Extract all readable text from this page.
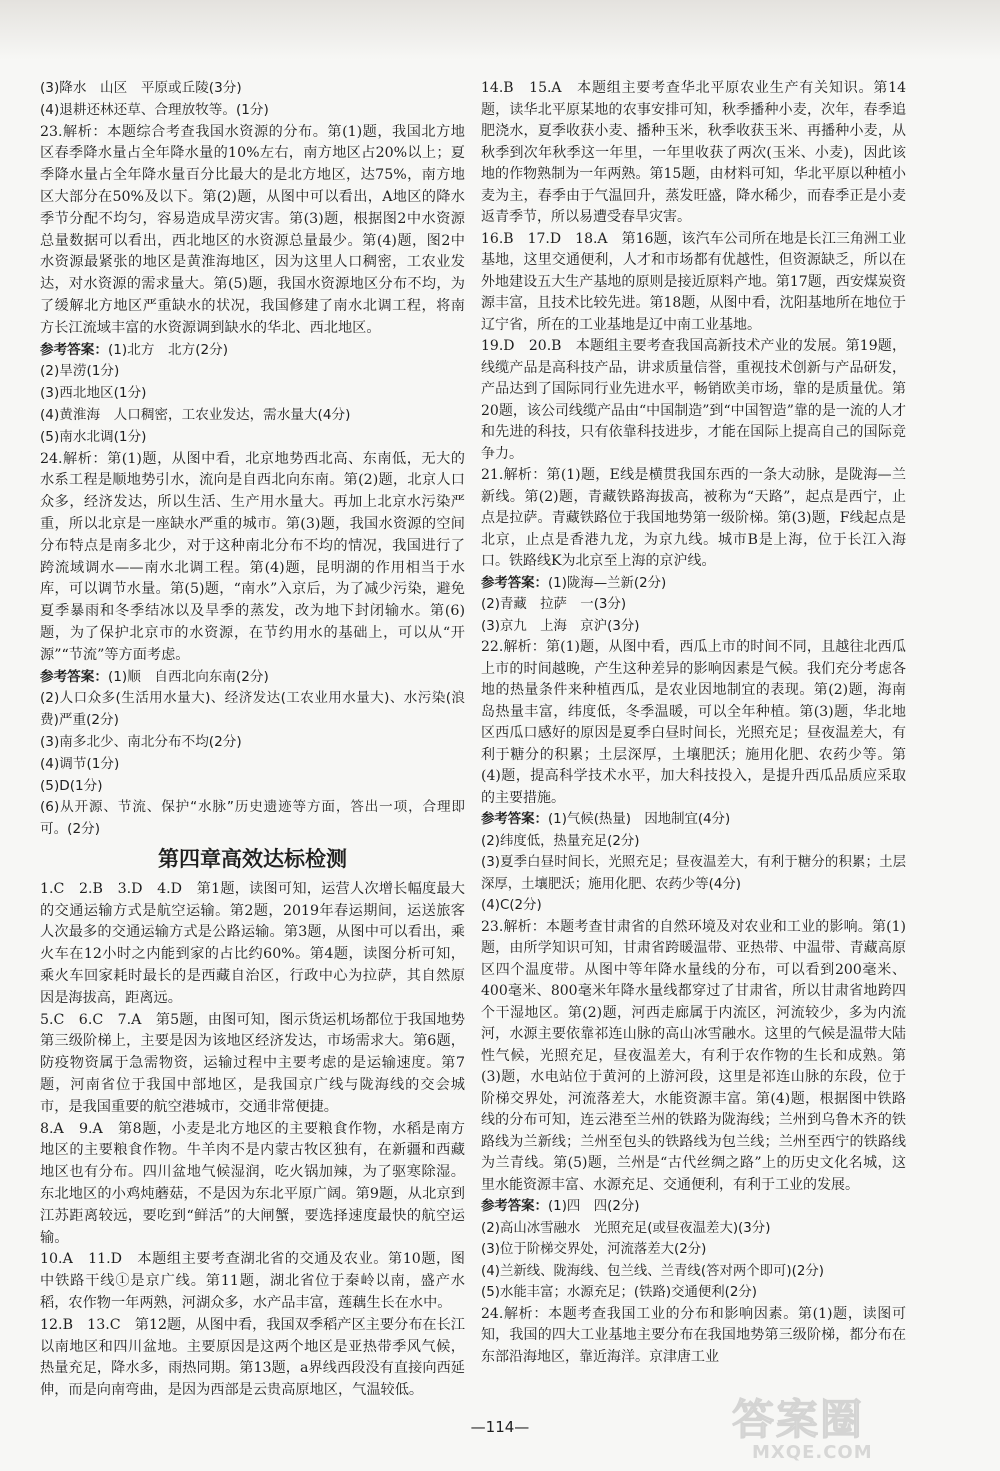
(3)降水　山区　平原或丘陵(3分)

(4)退耕还林还草、合理放牧等。(1分)

23.解析：本题综合考查我国水资源的分布。第(1)题，我国北方地区春季降水量占全年降水量的10%左右，南方地区占20%以上；夏季降水量占全年降水量百分比最大的是北方地区，达75%，南方地区大部分在50%及以下。第(2)题，从图中可以看出，A地区的降水季节分配不均匀，容易造成旱涝灾害。第(3)题，根据图2中水资源总量数据可以看出，西北地区的水资源总量最少。第(4)题，图2中水资源最紧张的地区是黄淮海地区，因为这里人口稠密，工农业发达，对水资源的需求量大。第(5)题，我国水资源地区分布不均，为了缓解北方地区严重缺水的状况，我国修建了南水北调工程，将南方长江流域丰富的水资源调到缺水的华北、西北地区。

参考答案：(1)北方　北方(2分)

(2)旱涝(1分)

(3)西北地区(1分)

(4)黄淮海　人口稠密，工农业发达，需水量大(4分)

(5)南水北调(1分)

24.解析：第(1)题，从图中看，北京地势西北高、东南低，无大的水系工程是顺地势引水，流向是自西北向东南。第(2)题，北京人口众多，经济发达，所以生活、生产用水量大。再加上北京水污染严重，所以北京是一座缺水严重的城市。第(3)题，我国水资源的空间分布特点是南多北少，对于这种南北分布不均的情况，我国进行了跨流域调水——南水北调工程。第(4)题，昆明湖的作用相当于水库，可以调节水量。第(5)题，“南水”入京后，为了减少污染，避免夏季暴雨和冬季结冰以及旱季的蒸发，改为地下封闭输水。第(6)题，为了保护北京市的水资源，在节约用水的基础上，可以从“开源”“节流”等方面考虑。

参考答案：(1)顺　自西北向东南(2分)

(2)人口众多(生活用水量大)、经济发达(工农业用水量大)、水污染(浪费)严重(2分)

(3)南多北少、南北分布不均(2分)

(4)调节(1分)

(5)D(1分)

(6)从开源、节流、保护“水脉”历史遗迹等方面，答出一项，合理即可。(2分)

第四章高效达标检测

1.C　2.B　3.D　4.D　第1题，读图可知，运营人次增长幅度最大的交通运输方式是航空运输。第2题，2019年春运期间，运送旅客人次最多的交通运输方式是公路运输。第3题，从图中可以看出，乘火车在12小时之内能到家的占比约60%。第4题，读图分析可知，乘火车回家耗时最长的是西藏自治区，行政中心为拉萨，其自然原因是海拔高，距离远。

5.C　6.C　7.A　第5题，由图可知，图示货运机场都位于我国地势第三级阶梯上，主要是因为该地区经济发达，市场需求大。第6题，防疫物资属于急需物资，运输过程中主要考虑的是运输速度。第7题，河南省位于我国中部地区，是我国京广线与陇海线的交会城市，是我国重要的航空港城市，交通非常便捷。

8.A　9.A　第8题，小麦是北方地区的主要粮食作物，水稻是南方地区的主要粮食作物。牛羊肉不是内蒙古牧区独有，在新疆和西藏地区也有分布。四川盆地气候湿润，吃火锅加辣，为了驱寒除湿。东北地区的小鸡炖蘑菇，不是因为东北平原广阔。第9题，从北京到江苏距离较远，要吃到“鲜活”的大闸蟹，要选择速度最快的航空运输。

10.A　11.D　本题组主要考查湖北省的交通及农业。第10题，图中铁路干线①是京广线。第11题，湖北省位于秦岭以南，盛产水稻，农作物一年两熟，河湖众多，水产品丰富，莲藕生长在水中。

12.B　13.C　第12题，从图中看，我国双季稻产区主要分布在长江以南地区和四川盆地。主要原因是这两个地区是亚热带季风气候，热量充足，降水多，雨热同期。第13题，a界线西段没有直接向西延伸，而是向南弯曲，是因为西部是云贵高原地区，气温较低。

14.B　15.A　本题组主要考查华北平原农业生产有关知识。第14题，读华北平原某地的农事安排可知，秋季播种小麦，次年，春季追肥浇水，夏季收获小麦、播种玉米，秋季收获玉米、再播种小麦，从秋季到次年秋季这一年里，一年里收获了两次(玉米、小麦)，因此该地的作物熟制为一年两熟。第15题，由材料可知，华北平原以种植小麦为主，春季由于气温回升，蒸发旺盛，降水稀少，而春季正是小麦返青季节，所以易遭受春旱灾害。

16.B　17.D　18.A　第16题，该汽车公司所在地是长江三角洲工业基地，这里交通便利，人才和市场都有优越性，但资源缺乏，所以在外地建设五大生产基地的原则是接近原料产地。第17题，西安煤炭资源丰富，且技术比较先进。第18题，从图中看，沈阳基地所在地位于辽宁省，所在的工业基地是辽中南工业基地。

19.D　20.B　本题组主要考查我国高新技术产业的发展。第19题，线缆产品是高科技产品，讲求质量信誉，重视技术创新与产品研发，产品达到了国际同行业先进水平，畅销欧美市场，靠的是质量优。第20题，该公司线缆产品由“中国制造”到“中国智造”靠的是一流的人才和先进的科技，只有依靠科技进步，才能在国际上提高自己的国际竞争力。

21.解析：第(1)题，E线是横贯我国东西的一条大动脉，是陇海—兰新线。第(2)题，青藏铁路海拔高，被称为“天路”，起点是西宁，止点是拉萨。青藏铁路位于我国地势第一级阶梯。第(3)题，F线起点是北京，止点是香港九龙，为京九线。城市B是上海，位于长江入海口。铁路线K为北京至上海的京沪线。

参考答案：(1)陇海—兰新(2分)

(2)青藏　拉萨　一(3分)

(3)京九　上海　京沪(3分)

22.解析：第(1)题，从图中看，西瓜上市的时间不同，且越往北西瓜上市的时间越晚，产生这种差异的影响因素是气候。我们充分考虑各地的热量条件来种植西瓜，是农业因地制宜的表现。第(2)题，海南岛热量丰富，纬度低，冬季温暖，可以全年种植。第(3)题，华北地区西瓜口感好的原因是夏季白昼时间长，光照充足；昼夜温差大，有利于糖分的积累；土层深厚，土壤肥沃；施用化肥、农药少等。第(4)题，提高科学技术水平，加大科技投入，是提升西瓜品质应采取的主要措施。

参考答案：(1)气候(热量)　因地制宜(4分)

(2)纬度低，热量充足(2分)

(3)夏季白昼时间长，光照充足；昼夜温差大，有利于糖分的积累；土层深厚，土壤肥沃；施用化肥、农药少等(4分)

(4)C(2分)

23.解析：本题考查甘肃省的自然环境及对农业和工业的影响。第(1)题，由所学知识可知，甘肃省跨暖温带、亚热带、中温带、青藏高原区四个温度带。从图中等年降水量线的分布，可以看到200毫米、400毫米、800毫米年降水量线都穿过了甘肃省，所以甘肃省地跨四个干湿地区。第(2)题，河西走廊属于内流区，河流较少，多为内流河，水源主要依靠祁连山脉的高山冰雪融水。这里的气候是温带大陆性气候，光照充足，昼夜温差大，有利于农作物的生长和成熟。第(3)题，水电站位于黄河的上游河段，这里是祁连山脉的东段，位于阶梯交界处，河流落差大，水能资源丰富。第(4)题，根据图中铁路线的分布可知，连云港至兰州的铁路为陇海线；兰州到乌鲁木齐的铁路线为兰新线；兰州至包头的铁路线为包兰线；兰州至西宁的铁路线为兰青线。第(5)题，兰州是“古代丝绸之路”上的历史文化名城，这里水能资源丰富、水源充足、交通便利，有利于工业的发展。

参考答案：(1)四　四(2分)

(2)高山冰雪融水　光照充足(或昼夜温差大)(3分)

(3)位于阶梯交界处，河流落差大(2分)

(4)兰新线、陇海线、包兰线、兰青线(答对两个即可)(2分)

(5)水能丰富；水源充足；(铁路)交通便利(2分)

24.解析：本题考查我国工业的分布和影响因素。第(1)题，读图可知，我国的四大工业基地主要分布在我国地势第三级阶梯，都分布在东部沿海地区，靠近海洋。京津唐工业

—114—	答案圈
MXQE.COM
